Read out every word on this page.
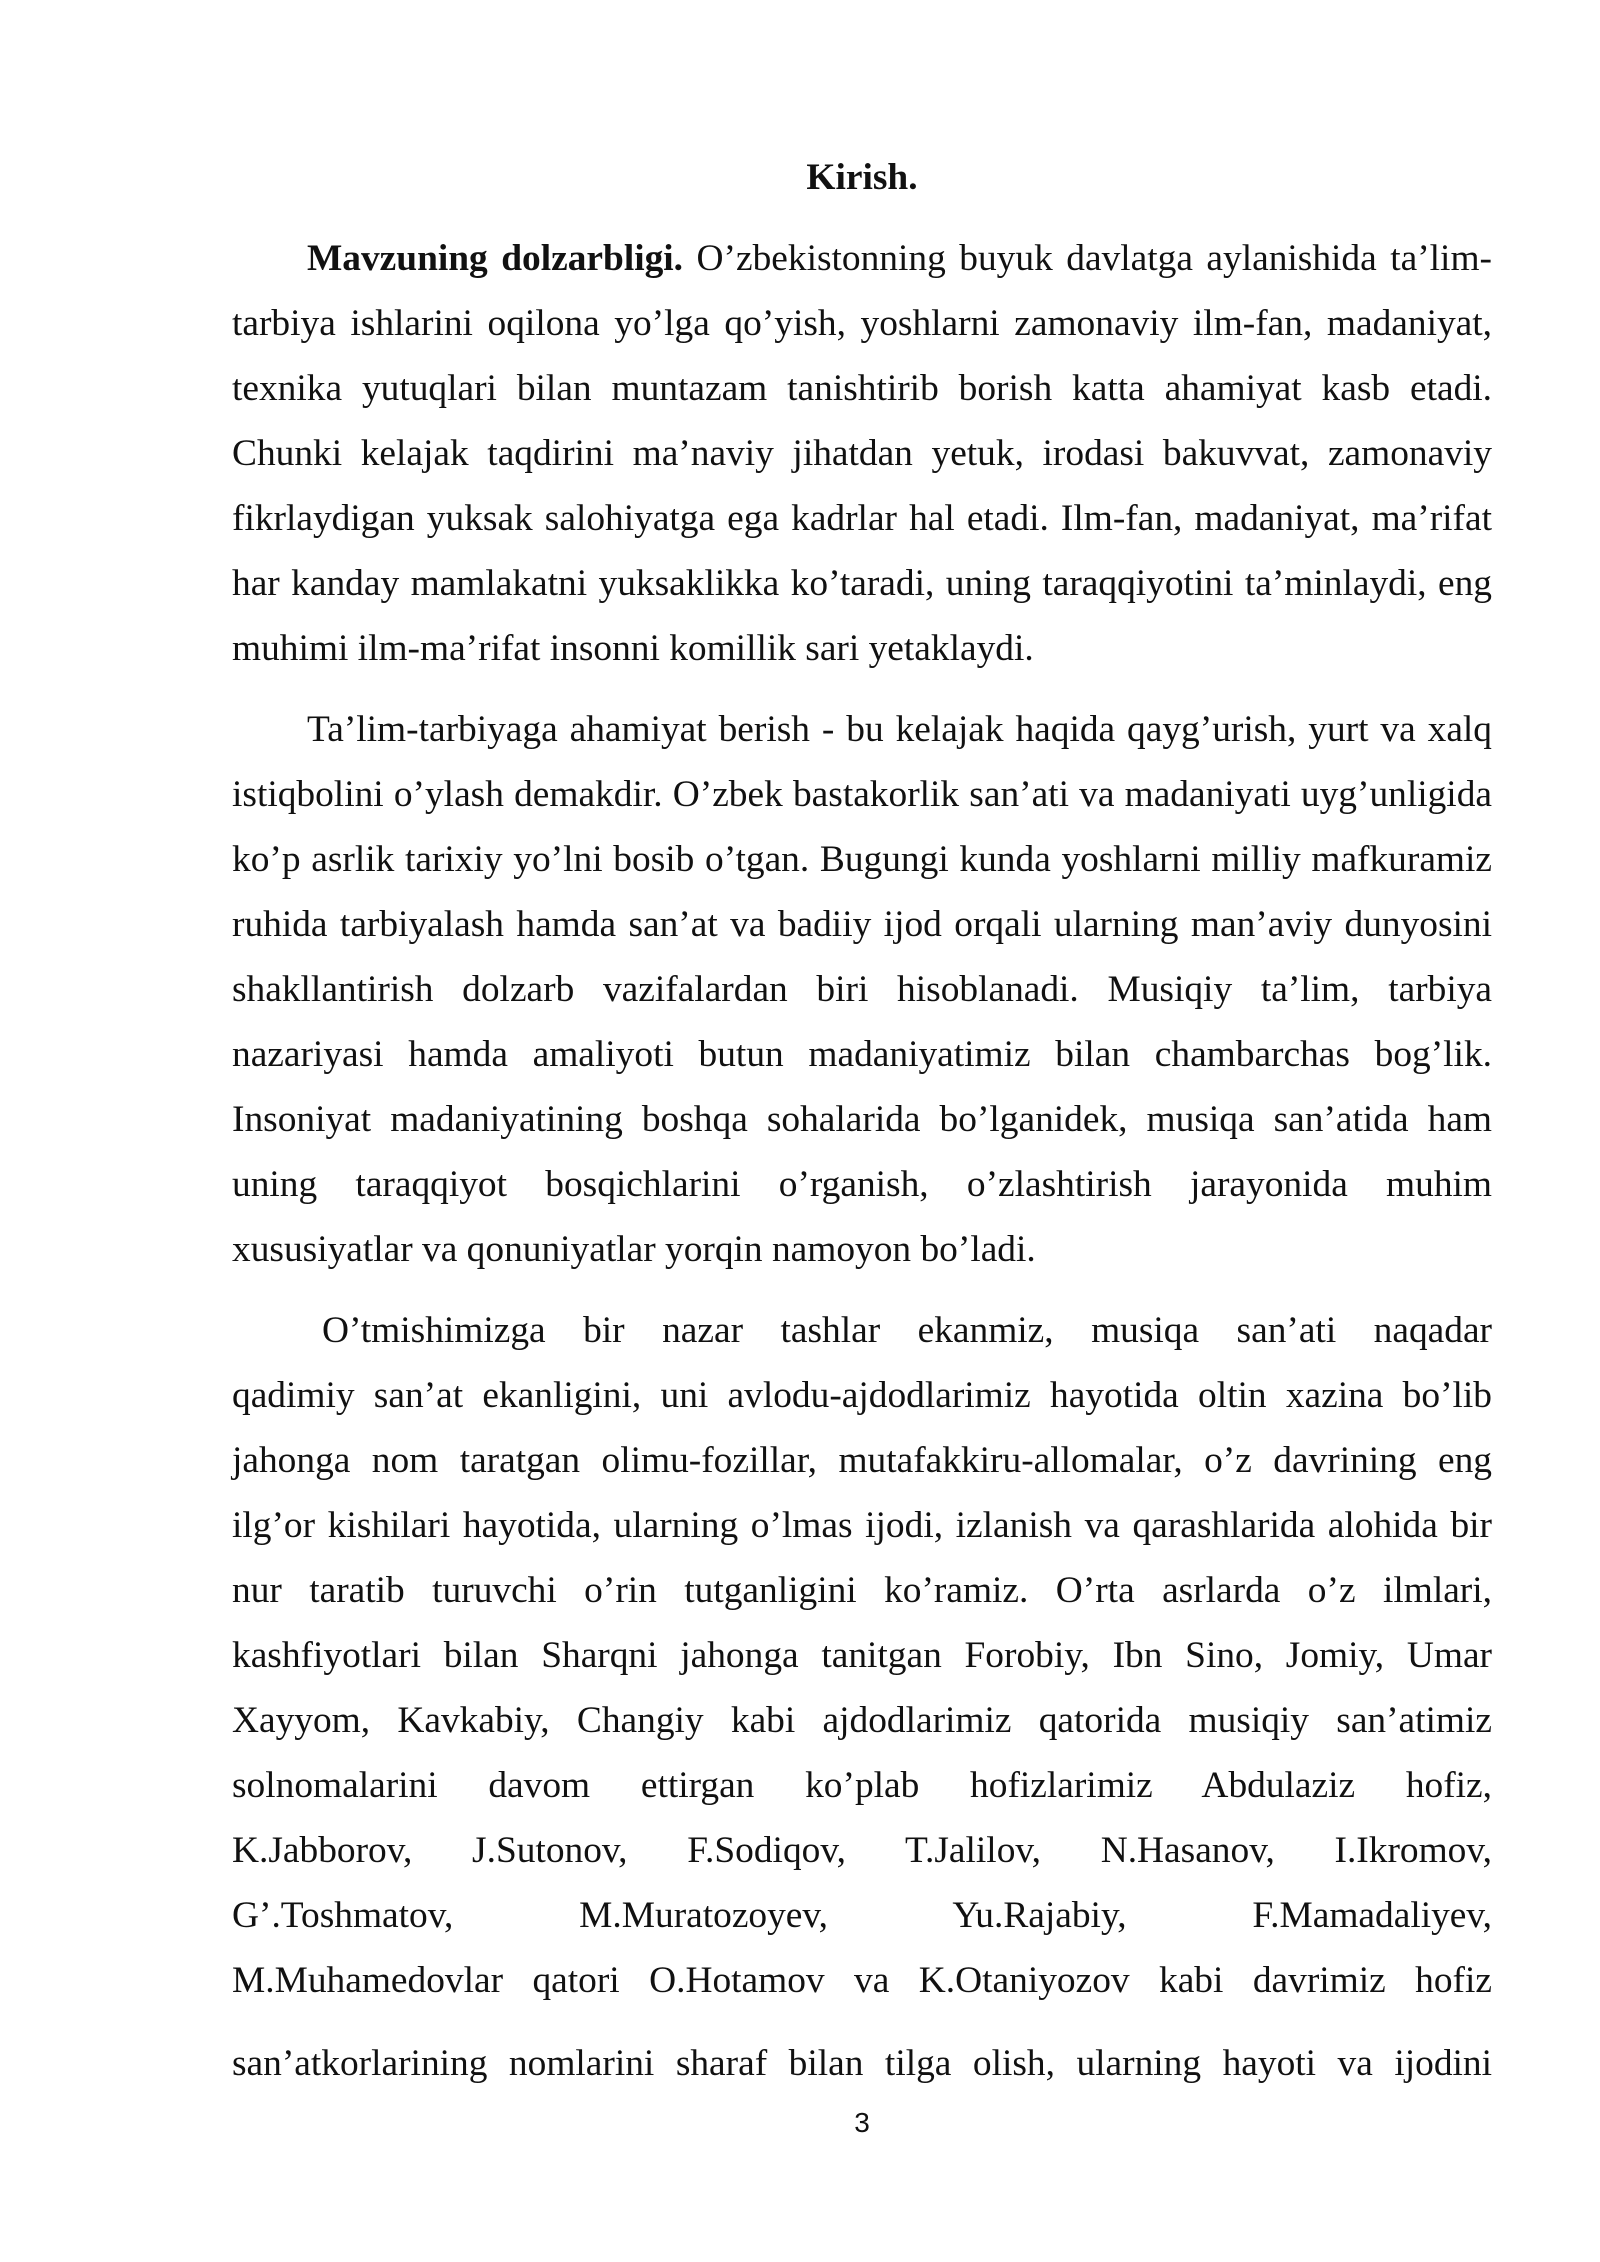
Kirish.
Mavzuning dolzarbligi. O’zbekistonning buyuk davlatga aylanishida ta’lim-
tarbiya ishlarini oqilona yo’lga qo’yish, yoshlarni zamonaviy ilm-fan, madaniyat,
texnika yutuqlari bilan muntazam tanishtirib borish katta ahamiyat kasb etadi.
Chunki kelajak taqdirini ma’naviy jihatdan yetuk, irodasi bakuvvat, zamonaviy
fikrlaydigan yuksak salohiyatga ega kadrlar hal etadi. Ilm-fan, madaniyat, ma’rifat
har kanday mamlakatni yuksaklikka ko’taradi, uning taraqqiyotini ta’minlaydi, eng
muhimi ilm-ma’rifat insonni komillik sari yetaklaydi.
Ta’lim-tarbiyaga ahamiyat berish - bu kelajak haqida qayg’urish, yurt va xalq
istiqbolini o’ylash demakdir. O’zbek bastakorlik san’ati va madaniyati uyg’unligida
ko’p asrlik tarixiy yo’lni bosib o’tgan. Bugungi kunda yoshlarni milliy mafkuramiz
ruhida tarbiyalash hamda san’at va badiiy ijod orqali ularning man’aviy dunyosini
shakllantirish dolzarb vazifalardan biri hisoblanadi. Musiqiy ta’lim, tarbiya
nazariyasi hamda amaliyoti butun madaniyatimiz bilan chambarchas bog’lik.
Insoniyat madaniyatining boshqa sohalarida bo’lganidek, musiqa san’atida ham
uning taraqqiyot bosqichlarini o’rganish, o’zlashtirish jarayonida muhim
xususiyatlar va qonuniyatlar yorqin namoyon bo’ladi.
O’tmishimizga bir nazar tashlar ekanmiz, musiqa san’ati naqadar
qadimiy san’at ekanligini, uni avlodu-ajdodlarimiz hayotida oltin xazina bo’lib
jahonga nom taratgan olimu-fozillar, mutafakkiru-allomalar, o’z davrining eng
ilg’or kishilari hayotida, ularning o’lmas ijodi, izlanish va qarashlarida alohida bir
nur taratib turuvchi o’rin tutganligini ko’ramiz. O’rta asrlarda o’z ilmlari,
kashfiyotlari bilan Sharqni jahonga tanitgan Forobiy, Ibn Sino, Jomiy, Umar
Xayyom, Kavkabiy, Changiy kabi ajdodlarimiz qatorida musiqiy san’atimiz
solnomalarini davom ettirgan ko’plab hofizlarimiz Abdulaziz hofiz,
K.Jabborov, J.Sutonov, F.Sodiqov, T.Jalilov, N.Hasanov, I.Ikromov,
G’.Toshmatov, M.Muratozoyev, Yu.Rajabiy, F.Mamadaliyev,
M.Muhamedovlar qatori O.Hotamov va K.Otaniyozov kabi davrimiz hofiz
san’atkorlarining nomlarini sharaf bilan tilga olish, ularning hayoti va ijodini
3
